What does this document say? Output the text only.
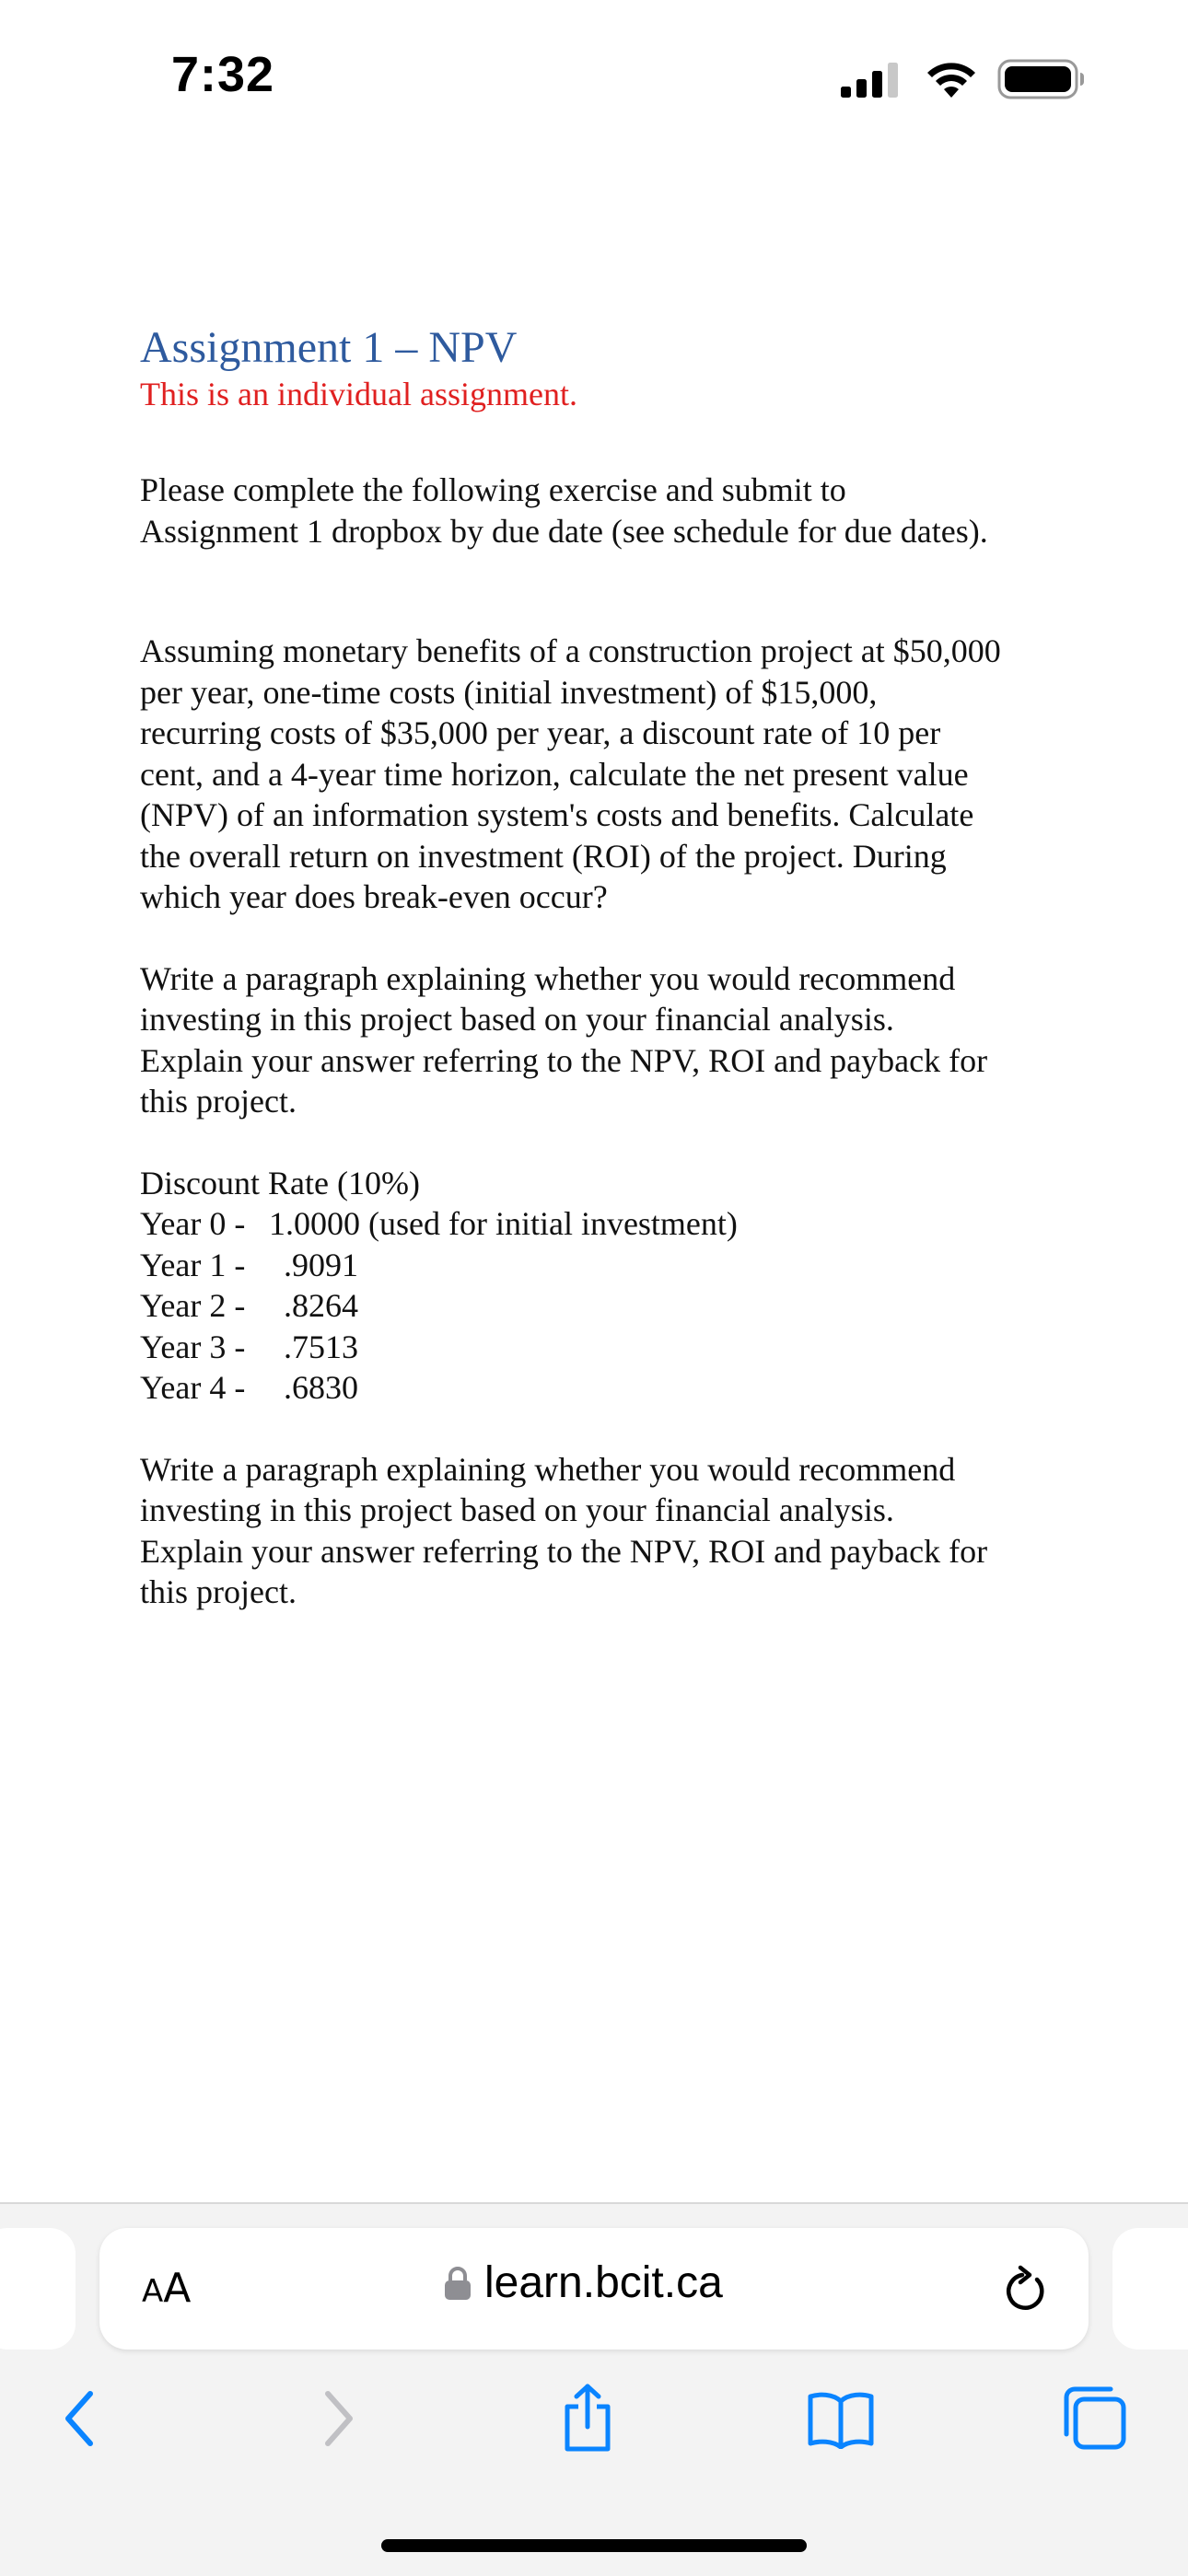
7:32
Assignment 1 – NPV

This is an individual assignment.

Please complete the following exercise and submit to
Assignment 1 dropbox by due date (see schedule for due dates).

Assuming monetary benefits of a construction project at $50,000
per year, one-time costs (initial investment) of $15,000,
recurring costs of $35,000 per year, a discount rate of 10 per
cent, and a 4-year time horizon, calculate the net present value
(NPV) of an information system's costs and benefits. Calculate
the overall return on investment (ROI) of the project. During
which year does break-even occur?

Write a paragraph explaining whether you would recommend
investing in this project based on your financial analysis.
Explain your answer referring to the NPV, ROI and payback for
this project.

Discount Rate (10%)
Year 0 - 1.0000 (used for initial investment)
Year 1 -	.9091
Year 2 -	.8264
Year 3 -	.7513
Year 4 -	.6830

Write a paragraph explaining whether you would recommend
investing in this project based on your financial analysis.
Explain your answer referring to the NPV, ROI and payback for
this project.

AA	learn.bcit.ca
